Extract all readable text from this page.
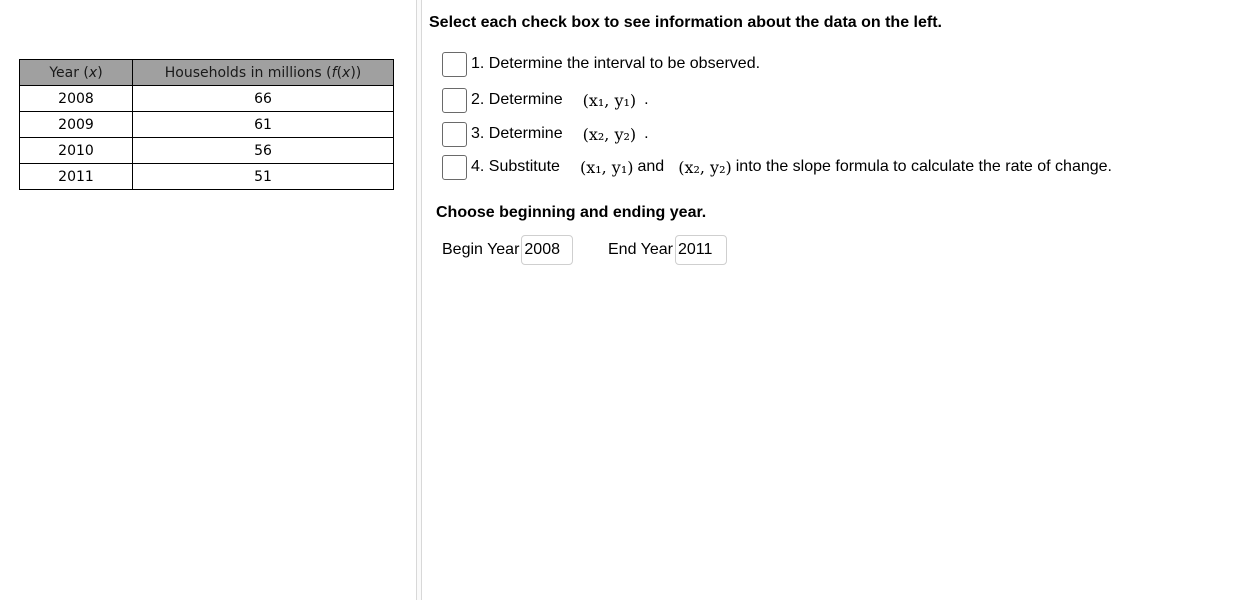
Year (x)	Households in millions (f(x))
2008	66
2009	61
2010	56
2011	51
Select each check box to see information about the data on the left.
1. Determine the interval to be observed.
2. Determine (x₁, y₁) .
3. Determine (x₂, y₂) .
4. Substitute (x₁, y₁) and (x₂, y₂) into the slope formula to calculate the rate of change.
Choose beginning and ending year.
Begin Year
2008	End Year
2011
